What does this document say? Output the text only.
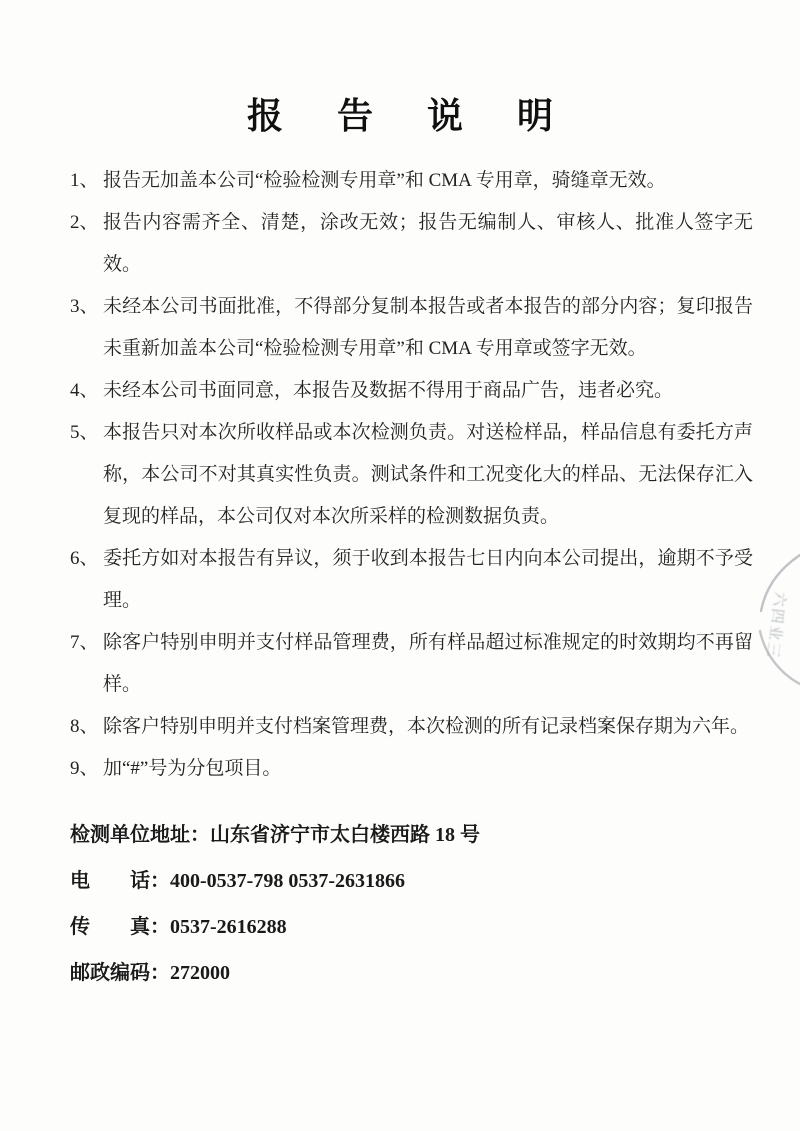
报告说明
1、 报告无加盖本公司“检验检测专用章”和 CMA 专用章，骑缝章无效。
2、 报告内容需齐全、清楚，涂改无效；报告无编制人、审核人、批准人签字无效。
3、 未经本公司书面批准，不得部分复制本报告或者本报告的部分内容；复印报告未重新加盖本公司“检验检测专用章”和 CMA 专用章或签字无效。
4、 未经本公司书面同意，本报告及数据不得用于商品广告，违者必究。
5、 本报告只对本次所收样品或本次检测负责。对送检样品，样品信息有委托方声称，本公司不对其真实性负责。测试条件和工况变化大的样品、无法保存汇入复现的样品，本公司仅对本次所采样的检测数据负责。
6、 委托方如对本报告有异议，须于收到本报告七日内向本公司提出，逾期不予受理。
7、 除客户特别申明并支付样品管理费，所有样品超过标准规定的时效期均不再留样。
8、 除客户特别申明并支付档案管理费，本次检测的所有记录档案保存期为六年。
9、 加“#”号为分包项目。
检测单位地址：山东省济宁市太白楼西路 18 号
电　　话：400-0537-798 0537-2631866
传　　真：0537-2616288
邮政编码：272000
六四业三
